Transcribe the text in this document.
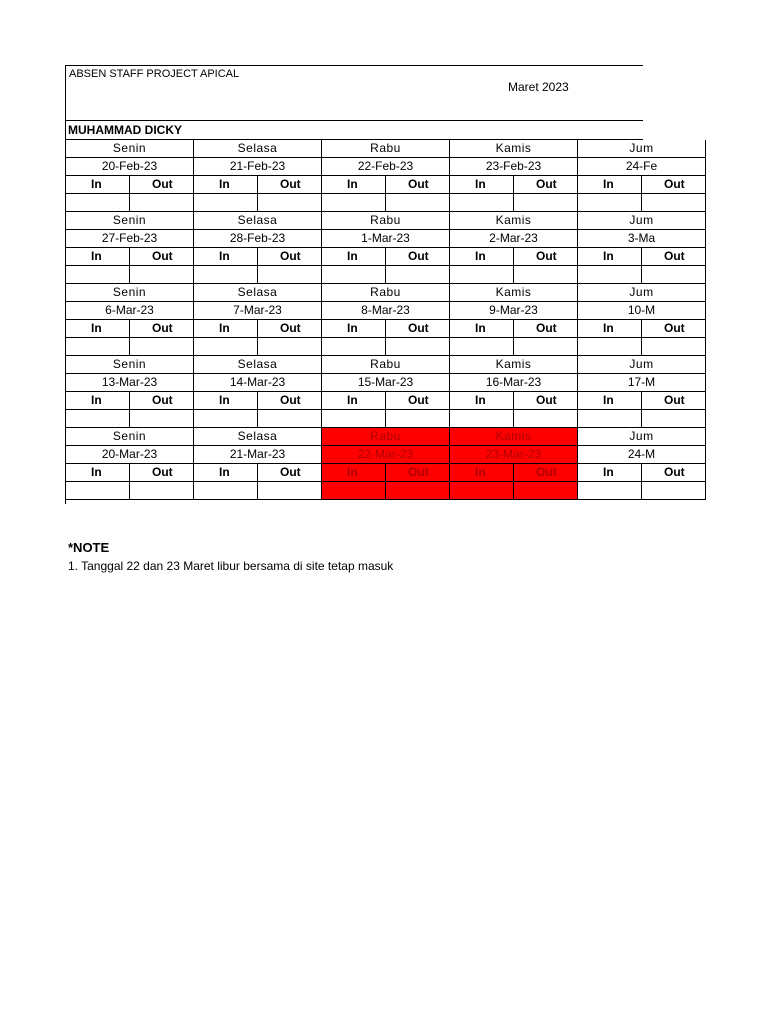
ABSEN STAFF PROJECT APICAL
Maret 2023
MUHAMMAD DICKY
Senin	Selasa	Rabu	Kamis	Jum
20-Feb-23	21-Feb-23	22-Feb-23	23-Feb-23	24-Fe
In	Out	In	Out	In	Out	In	Out	In	Out
Senin	Selasa	Rabu	Kamis	Jum
27-Feb-23	28-Feb-23	1-Mar-23	2-Mar-23	3-Ma
In	Out	In	Out	In	Out	In	Out	In	Out
Senin	Selasa	Rabu	Kamis	Jum
6-Mar-23	7-Mar-23	8-Mar-23	9-Mar-23	10-M
In	Out	In	Out	In	Out	In	Out	In	Out
Senin	Selasa	Rabu	Kamis	Jum
13-Mar-23	14-Mar-23	15-Mar-23	16-Mar-23	17-M
In	Out	In	Out	In	Out	In	Out	In	Out
Senin	Selasa	Rabu	Kamis	Jum
20-Mar-23	21-Mar-23	22-Mar-23	23-Mar-23	24-M
In	Out	In	Out	In	Out	In	Out	In	Out
*NOTE
1. Tanggal 22 dan 23 Maret libur bersama di site tetap masuk
